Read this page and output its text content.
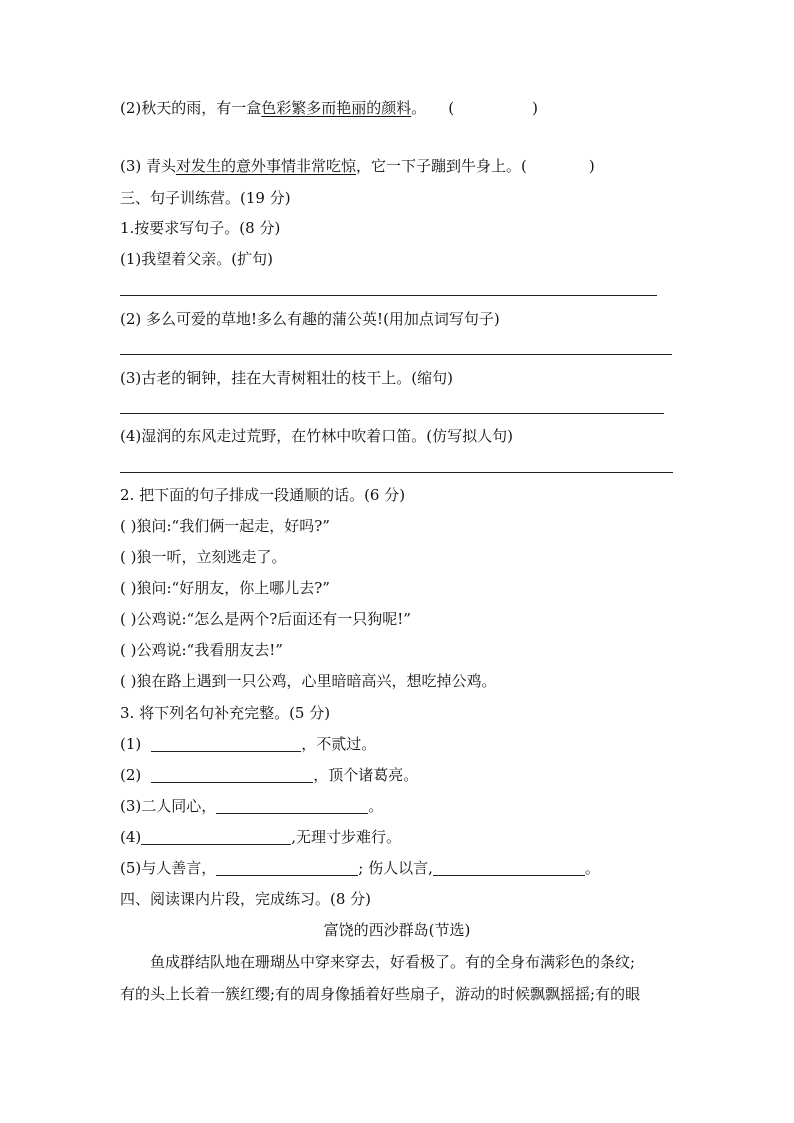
(2)秋天的雨，有一盒色彩繁多而艳丽的颜料。 (	)
(3) 青头对发生的意外事情非常吃惊，它一下子蹦到牛身上。(	)
三、句子训练营。(19 分)
1.按要求写句子。(8 分)
(1)我望着父亲。(扩句)
(2) 多么可爱的草地!多么有趣的蒲公英!(用加点词写句子)
(3)古老的铜钟，挂在大青树粗壮的枝干上。(缩句)
(4)湿润的东风走过荒野，在竹林中吹着口笛。(仿写拟人句)
2. 把下面的句子排成一段通顺的话。(6 分)
( )狼问:“我们俩一起走，好吗?”
( )狼一听，立刻逃走了。
( )狼问:“好朋友，你上哪儿去?”
( )公鸡说:“怎么是两个?后面还有一只狗呢!”
( )公鸡说:“我看朋友去!”
( )狼在路上遇到一只公鸡，心里暗暗高兴，想吃掉公鸡。
3. 将下列名句补充完整。(5 分)
(1)	，不贰过。
(2)	，顶个诸葛亮。
(3)二人同心，	。
(4)	,无理寸步难行。
(5)与人善言，	; 伤人以言,	。
四、阅读课内片段，完成练习。(8 分)
富饶的西沙群岛(节选)
鱼成群结队地在珊瑚丛中穿来穿去，好看极了。有的全身布满彩色的条纹;
有的头上长着一簇红缨;有的周身像插着好些扇子，游动的时候飘飘摇摇;有的眼
